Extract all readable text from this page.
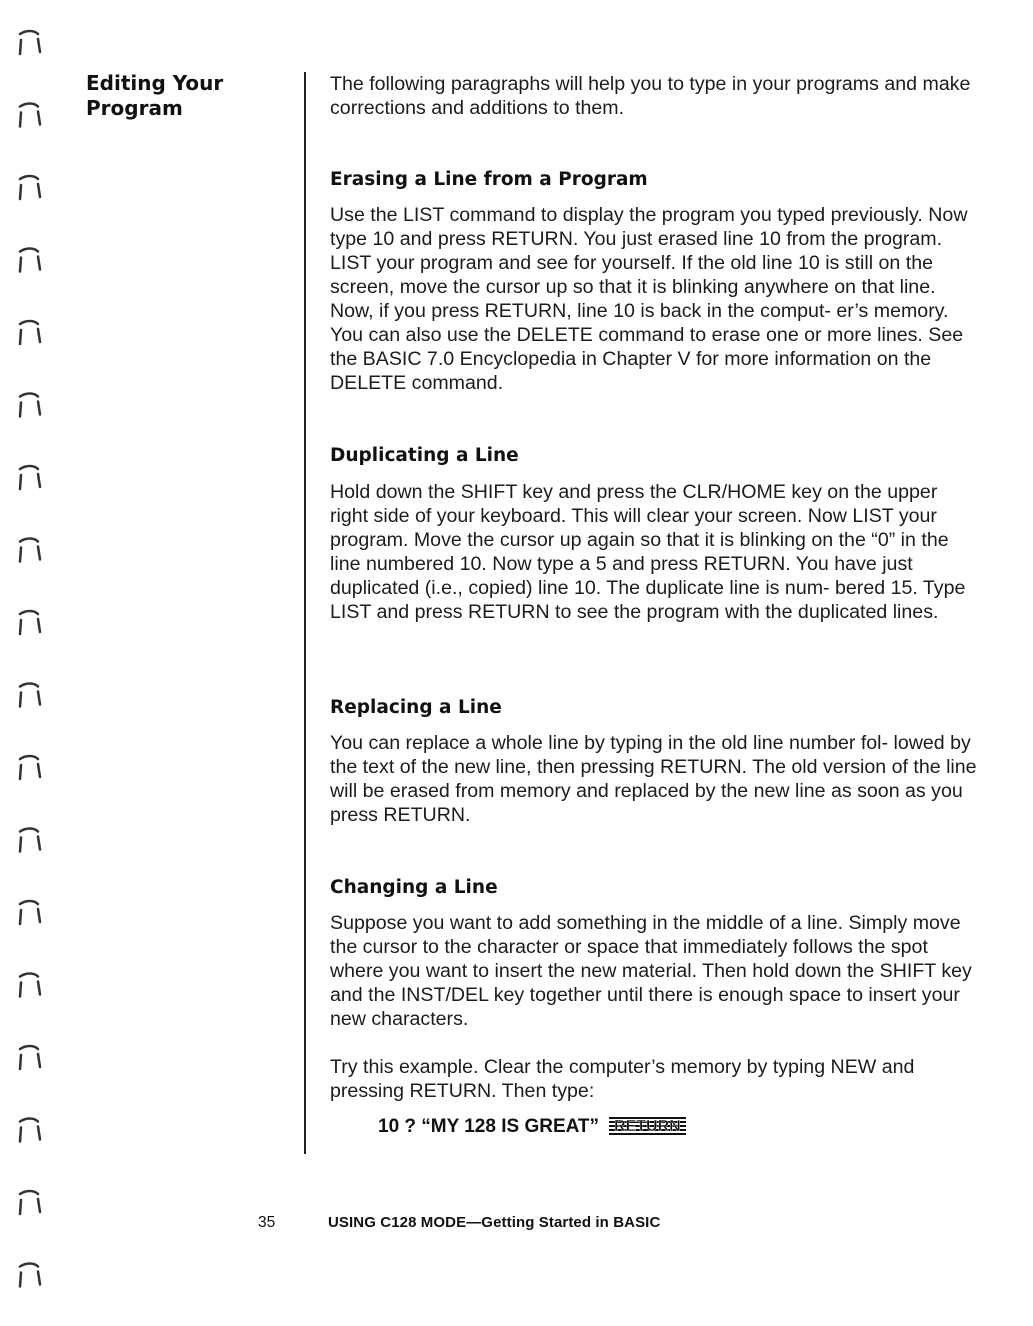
Editing Your Program

The following paragraphs will help you to type in your programs and make corrections and additions to them.

Erasing a Line from a Program

Use the LIST command to display the program you typed previously. Now type 10 and press RETURN. You just erased line 10 from the program. LIST your program and see for yourself. If the old line 10 is still on the screen, move the cursor up so that it is blinking anywhere on that line. Now, if you press RETURN, line 10 is back in the comput- er’s memory. You can also use the DELETE command to erase one or more lines. See the BASIC 7.0 Encyclopedia in Chapter V for more information on the DELETE command.

Duplicating a Line

Hold down the SHIFT key and press the CLR/HOME key on the upper right side of your keyboard. This will clear your screen. Now LIST your program. Move the cursor up again so that it is blinking on the “0” in the line numbered 10. Now type a 5 and press RETURN. You have just duplicated (i.e., copied) line 10. The duplicate line is num- bered 15. Type LIST and press RETURN to see the program with the duplicated lines.

Replacing a Line

You can replace a whole line by typing in the old line number fol- lowed by the text of the new line, then pressing RETURN. The old version of the line will be erased from memory and replaced by the new line as soon as you press RETURN.

Changing a Line

Suppose you want to add something in the middle of a line. Simply move the cursor to the character or space that immediately follows the spot where you want to insert the new material. Then hold down the SHIFT key and the INST/DEL key together until there is enough space to insert your new characters.

Try this example. Clear the computer’s memory by typing NEW and pressing RETURN. Then type:

10 ? “MY 128 IS GREAT” RETURN
35	USING C128 MODE—Getting Started in BASIC
